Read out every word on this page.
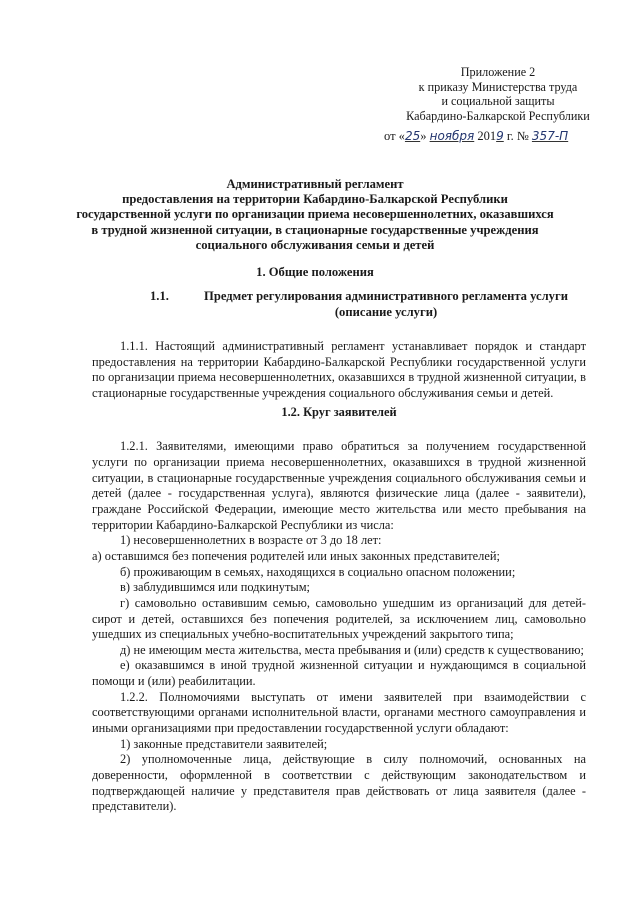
Приложение 2
к приказу Министерства труда
и социальной защиты
Кабардино-Балкарской Республики
от «25» ноября 2019 г. № 357-П
Административный регламент
предоставления на территории Кабардино-Балкарской Республики
государственной услуги по организации приема несовершеннолетних, оказавшихся
в трудной жизненной ситуации, в стационарные государственные учреждения
социального обслуживания семьи и детей
1. Общие положения
1.1.	Предмет регулирования административного регламента услуги
(описание услуги)

1.1.1. Настоящий административный регламент устанавливает порядок и стандарт предоставления на территории Кабардино-Балкарской Республики государственной услуги по организации приема несовершеннолетних, оказавшихся в трудной жизненной ситуации, в стационарные государственные учреждения социального обслуживания семьи и детей.

1.2. Круг заявителей

1.2.1. Заявителями, имеющими право обратиться за получением государственной услуги по организации приема несовершеннолетних, оказавшихся в трудной жизненной ситуации, в стационарные государственные учреждения социального обслуживания семьи и детей (далее - государственная услуга), являются физические лица (далее - заявители), граждане Российской Федерации, имеющие место жительства или место пребывания на территории Кабардино-Балкарской Республики из числа:

1) несовершеннолетних в возрасте от 3 до 18 лет:

а) оставшимся без попечения родителей или иных законных представителей;

б) проживающим в семьях, находящихся в социально опасном положении;

в) заблудившимся или подкинутым;

г) самовольно оставившим семью, самовольно ушедшим из организаций для детей-сирот и детей, оставшихся без попечения родителей, за исключением лиц, самовольно ушедших из специальных учебно-воспитательных учреждений закрытого типа;

д) не имеющим места жительства, места пребывания и (или) средств к существованию;

е) оказавшимся в иной трудной жизненной ситуации и нуждающимся в социальной помощи и (или) реабилитации.

1.2.2. Полномочиями выступать от имени заявителей при взаимодействии с соответствующими органами исполнительной власти, органами местного самоуправления и иными организациями при предоставлении государственной услуги обладают:

1) законные представители заявителей;

2) уполномоченные лица, действующие в силу полномочий, основанных на доверенности, оформленной в соответствии с действующим законодательством и подтверждающей наличие у представителя прав действовать от лица заявителя (далее - представители).
